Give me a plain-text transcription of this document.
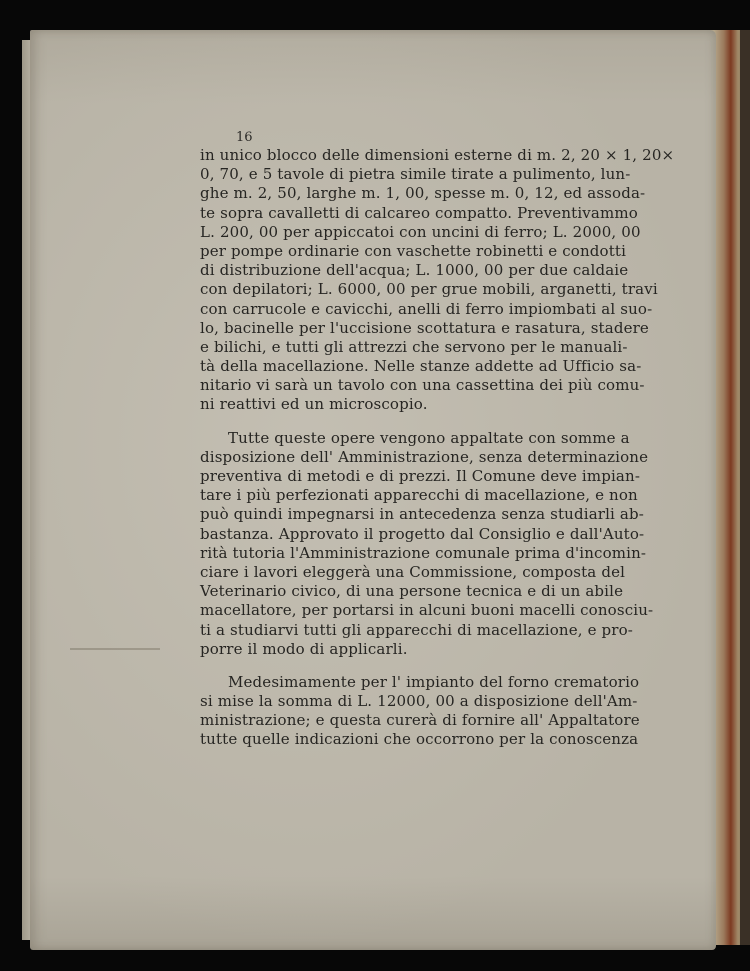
16
in unico blocco delle dimensioni esterne di m. 2, 20 × 1, 20×
0, 70, e 5 tavole di pietra simile tirate a pulimento, lun-
ghe m. 2, 50, larghe m. 1, 00, spesse m. 0, 12, ed assoda-
te sopra cavalletti di calcareo compatto. Preventivammo
L. 200, 00 per appiccatoi con uncini di ferro; L. 2000, 00
per pompe ordinarie con vaschette robinetti e condotti
di distribuzione dell'acqua; L. 1000, 00 per due caldaie
con depilatori; L. 6000, 00 per grue mobili, arganetti, travi
con carrucole e cavicchi, anelli di ferro impiombati al suo-
lo, bacinelle per l'uccisione scottatura e rasatura, stadere
e bilichi, e tutti gli attrezzi che servono per le manuali-
tà della macellazione. Nelle stanze addette ad Ufficio sa-
nitario vi sarà un tavolo con una cassettina dei più comu-
ni reattivi ed un microscopio.
Tutte queste opere vengono appaltate con somme a
disposizione dell' Amministrazione, senza determinazione
preventiva di metodi e di prezzi. Il Comune deve impian-
tare i più perfezionati apparecchi di macellazione, e non
può quindi impegnarsi in antecedenza senza studiarli ab-
bastanza. Approvato il progetto dal Consiglio e dall'Auto-
rità tutoria l'Amministrazione comunale prima d'incomin-
ciare i lavori eleggerà una Commissione, composta del
Veterinario civico, di una persone tecnica e di un abile
macellatore, per portarsi in alcuni buoni macelli conosciu-
ti a studiarvi tutti gli apparecchi di macellazione, e pro-
porre il modo di applicarli.
Medesimamente per l' impianto del forno crematorio
si mise la somma di L. 12000, 00 a disposizione dell'Am-
ministrazione; e questa curerà di fornire all' Appaltatore
tutte quelle indicazioni che occorrono per la conoscenza
